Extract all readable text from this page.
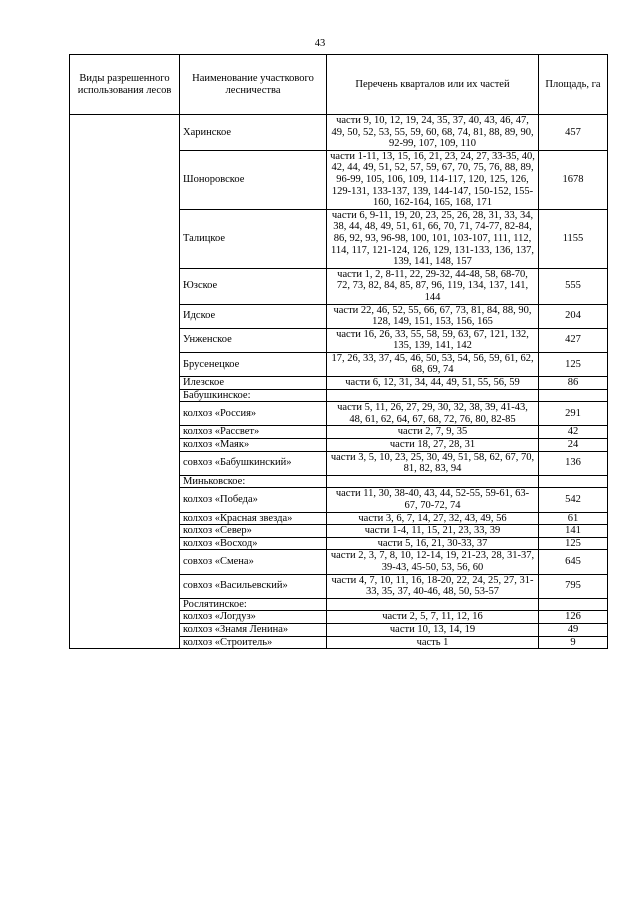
43
Виды разрешенного использования лесов	Наименование участкового лесничества	Перечень кварталов или их частей	Площадь, га
	Харинское	части 9, 10, 12, 19, 24, 35, 37, 40, 43, 46, 47, 49, 50, 52, 53, 55, 59, 60, 68, 74, 81, 88, 89, 90, 92-99, 107, 109, 110	457
	Шоноровское	части 1-11, 13, 15, 16, 21, 23, 24, 27, 33-35, 40, 42, 44, 49, 51, 52, 57, 59, 67, 70, 75, 76, 88, 89, 96-99, 105, 106, 109, 114-117, 120, 125, 126, 129-131, 133-137, 139, 144-147, 150-152, 155-160, 162-164, 165, 168, 171	1678
	Талицкое	части 6, 9-11, 19, 20, 23, 25, 26, 28, 31, 33, 34, 38, 44, 48, 49, 51, 61, 66, 70, 71, 74-77, 82-84, 86, 92, 93, 96-98, 100, 101, 103-107, 111, 112, 114, 117, 121-124, 126, 129, 131-133, 136, 137, 139, 141, 148, 157	1155
	Юзское	части 1, 2, 8-11, 22, 29-32, 44-48, 58, 68-70, 72, 73, 82, 84, 85, 87, 96, 119, 134, 137, 141, 144	555
	Идское	части 22, 46, 52, 55, 66, 67, 73, 81, 84, 88, 90, 128, 149, 151, 153, 156, 165	204
	Унженское	части 16, 26, 33, 55, 58, 59, 63, 67, 121, 132, 135, 139, 141, 142	427
	Брусенецкое	17, 26, 33, 37, 45, 46, 50, 53, 54, 56, 59, 61, 62, 68, 69, 74	125
	Илезское	части 6, 12, 31, 34, 44, 49, 51, 55, 56, 59	86
	Бабушкинское:		
	колхоз «Россия»	части 5, 11, 26, 27, 29, 30, 32, 38, 39, 41-43, 48, 61, 62, 64, 67, 68, 72, 76, 80, 82-85	291
	колхоз «Рассвет»	части 2, 7, 9, 35	42
	колхоз «Маяк»	части 18, 27, 28, 31	24
	совхоз «Бабушкинский»	части 3, 5, 10, 23, 25, 30, 49, 51, 58, 62, 67, 70, 81, 82, 83, 94	136
	Миньковское:		
	колхоз «Победа»	части 11, 30, 38-40, 43, 44, 52-55, 59-61, 63-67, 70-72, 74	542
	колхоз «Красная звезда»	части 3, 6, 7, 14, 27, 32, 43, 49, 56	61
	колхоз «Север»	части 1-4, 11, 15, 21, 23, 33, 39	141
	колхоз «Восход»	части 5, 16, 21, 30-33, 37	125
	совхоз «Смена»	части 2, 3, 7, 8, 10, 12-14, 19, 21-23, 28, 31-37, 39-43, 45-50, 53, 56, 60	645
	совхоз «Васильевский»	части 4, 7, 10, 11, 16, 18-20, 22, 24, 25, 27, 31-33, 35, 37, 40-46, 48, 50, 53-57	795
	Рослятинское:		
	колхоз «Логдуз»	части 2, 5, 7, 11, 12, 16	126
	колхоз «Знамя Ленина»	части 10, 13, 14, 19	49
	колхоз «Строитель»	часть 1	9
